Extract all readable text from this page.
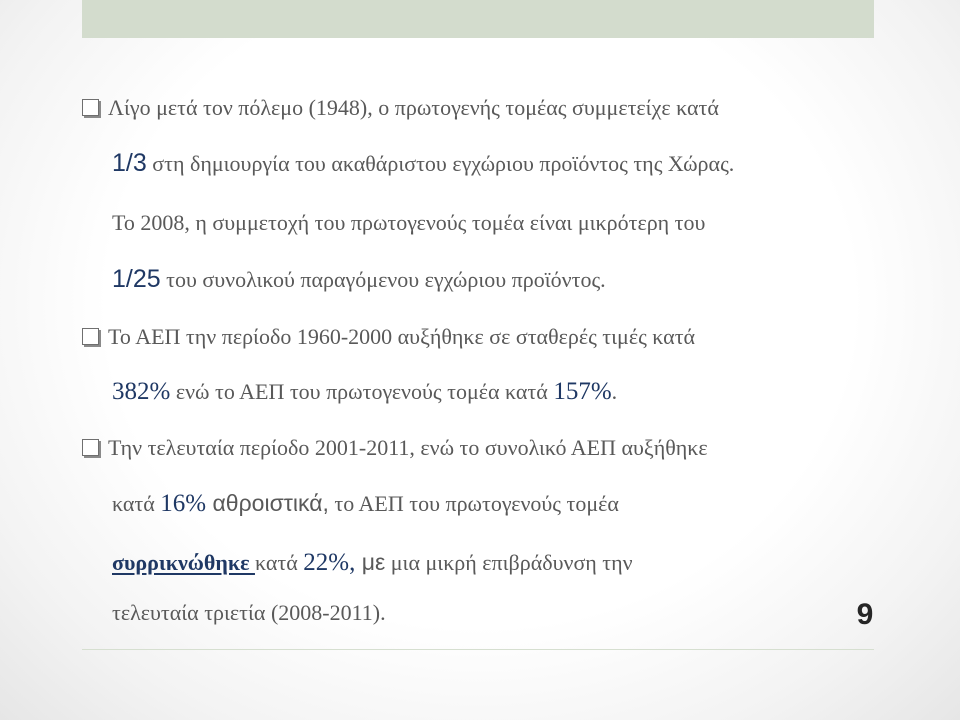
Λίγο μετά τον πόλεμο (1948), ο πρωτογενής τομέας συμμετείχε κατά
1/3 στη δημιουργία του ακαθάριστου εγχώριου προϊόντος της Χώρας.
Το 2008, η συμμετοχή του πρωτογενούς τομέα είναι μικρότερη του
1/25 του συνολικού παραγόμενου εγχώριου προϊόντος.
Το ΑΕΠ την περίοδο 1960-2000 αυξήθηκε σε σταθερές τιμές κατά
382% ενώ το ΑΕΠ του πρωτογενούς τομέα κατά 157%.
Την τελευταία περίοδο 2001-2011, ενώ το συνολικό ΑΕΠ αυξήθηκε
κατά 16% αθροιστικά, το ΑΕΠ του πρωτογενούς τομέα
συρρικνώθηκε κατά 22%, με μια μικρή επιβράδυνση την
τελευταία τριετία (2008-2011).	9
